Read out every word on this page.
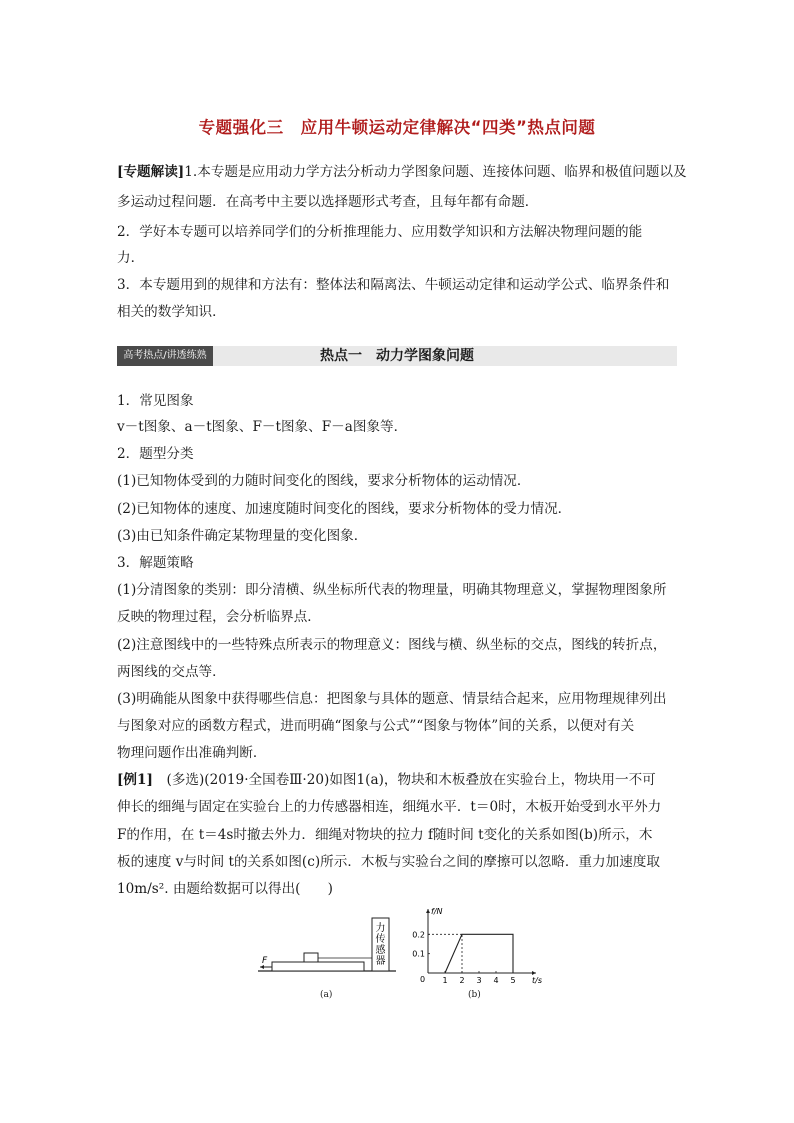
专题强化三　应用牛顿运动定律解决“四类”热点问题
[专题解读]1.本专题是应用动力学方法分析动力学图象问题、连接体问题、临界和极值问题以及
多运动过程问题．在高考中主要以选择题形式考查，且每年都有命题．
2．学好本专题可以培养同学们的分析推理能力、应用数学知识和方法解决物理问题的能
力．
3．本专题用到的规律和方法有：整体法和隔离法、牛顿运动定律和运动学公式、临界条件和
相关的数学知识．
热点一　动力学图象问题
高考热点/讲透练熟
1．常见图象
v－t图象、a－t图象、F－t图象、F－a图象等．
2．题型分类
(1)已知物体受到的力随时间变化的图线，要求分析物体的运动情况．
(2)已知物体的速度、加速度随时间变化的图线，要求分析物体的受力情况．
(3)由已知条件确定某物理量的变化图象．
3．解题策略
(1)分清图象的类别：即分清横、纵坐标所代表的物理量，明确其物理意义，掌握物理图象所
反映的物理过程，会分析临界点．
(2)注意图线中的一些特殊点所表示的物理意义：图线与横、纵坐标的交点，图线的转折点，
两图线的交点等．
(3)明确能从图象中获得哪些信息：把图象与具体的题意、情景结合起来，应用物理规律列出
与图象对应的函数方程式，进而明确“图象与公式”“图象与物体”间的关系，以便对有关
物理问题作出准确判断．
[例1]　(多选)(2019·全国卷Ⅲ·20)如图1(a)，物块和木板叠放在实验台上，物块用一不可
伸长的细绳与固定在实验台上的力传感器相连，细绳水平．t＝0时，木板开始受到水平外力
F的作用，在 t＝4s时撤去外力．细绳对物块的拉力 f随时间 t变化的关系如图(b)所示，木
板的速度 v与时间 t的关系如图(c)所示．木板与实验台之间的摩擦可以忽略．重力加速度取
10m/s². 由题给数据可以得出(　　)
力
传
感
器
F
(a)
f/N
t/s
0 1 2 3 4 5
0.1
0.2
(b)
